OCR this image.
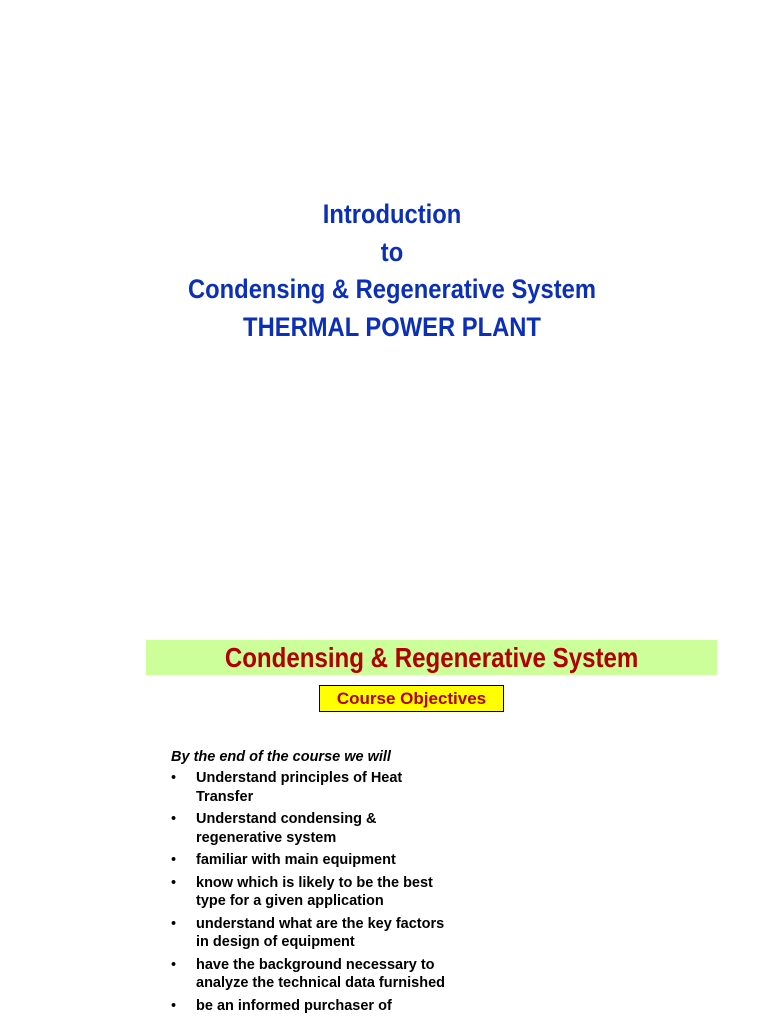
Introduction
to
Condensing & Regenerative System
THERMAL POWER PLANT
Condensing & Regenerative System
Course Objectives
By the end of the course we will
• Understand principles of Heat Transfer
• Understand condensing & regenerative system
• familiar with main equipment
• know which is likely to be the best type for a given application
• understand what are the key factors in design of equipment
• have the background necessary to analyze the technical data furnished
• be an informed purchaser of
